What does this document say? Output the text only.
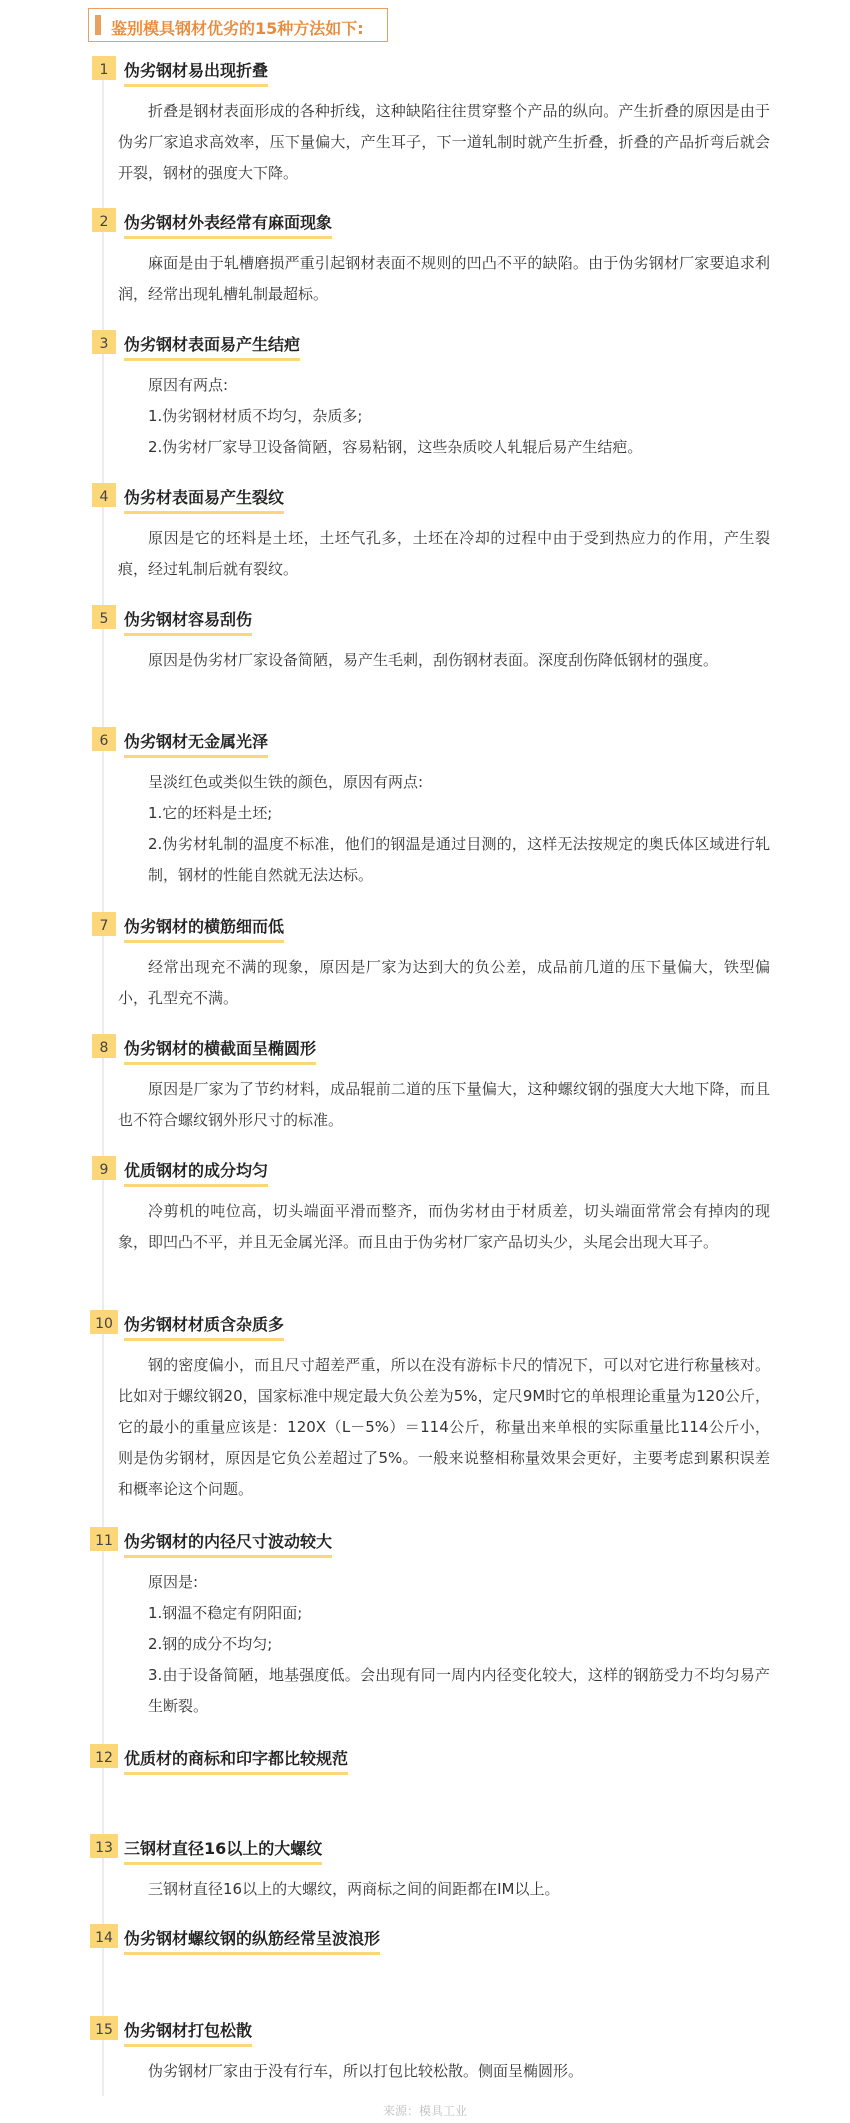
鉴别模具钢材优劣的15种方法如下:
1 伪劣钢材易出现折叠

折叠是钢材表面形成的各种折线，这种缺陷往往贯穿整个产品的纵向。产生折叠的原因是由于伪劣厂家追求高效率，压下量偏大，产生耳子，下一道轧制时就产生折叠，折叠的产品折弯后就会开裂，钢材的强度大下降。

2 伪劣钢材外表经常有麻面现象

麻面是由于轧槽磨损严重引起钢材表面不规则的凹凸不平的缺陷。由于伪劣钢材厂家要追求利润，经常出现轧槽轧制最超标。

3 伪劣钢材表面易产生结疤

原因有两点:

1.伪劣钢材材质不均匀，杂质多;

2.伪劣材厂家导卫设备简陋，容易粘钢，这些杂质咬人轧辊后易产生结疤。

4 伪劣材表面易产生裂纹

原因是它的坯料是土坯，土坯气孔多，土坯在冷却的过程中由于受到热应力的作用，产生裂痕，经过轧制后就有裂纹。

5 伪劣钢材容易刮伤

原因是伪劣材厂家设备简陋，易产生毛刺，刮伤钢材表面。深度刮伤降低钢材的强度。

6 伪劣钢材无金属光泽

呈淡红色或类似生铁的颜色，原因有两点:

1.它的坯料是土坯;

2.伪劣材轧制的温度不标准，他们的钢温是通过目测的，这样无法按规定的奥氏体区域进行轧制，钢材的性能自然就无法达标。

7 伪劣钢材的横筋细而低

经常出现充不满的现象，原因是厂家为达到大的负公差，成品前几道的压下量偏大，铁型偏小，孔型充不满。

8 伪劣钢材的横截面呈椭圆形

原因是厂家为了节约材料，成品辊前二道的压下量偏大，这种螺纹钢的强度大大地下降，而且也不符合螺纹钢外形尺寸的标准。

9 优质钢材的成分均匀

冷剪机的吨位高，切头端面平滑而整齐，而伪劣材由于材质差，切头端面常常会有掉肉的现象，即凹凸不平，并且无金属光泽。而且由于伪劣材厂家产品切头少，头尾会出现大耳子。

10 伪劣钢材材质含杂质多

钢的密度偏小，而且尺寸超差严重，所以在没有游标卡尺的情况下，可以对它进行称量核对。比如对于螺纹钢20，国家标准中规定最大负公差为5%，定尺9M时它的单根理论重量为120公斤，它的最小的重量应该是：120X（L－5%）＝114公斤，称量出来单根的实际重量比114公斤小，则是伪劣钢材，原因是它负公差超过了5%。一般来说整相称量效果会更好，主要考虑到累积误差和概率论这个问题。

11 伪劣钢材的内径尺寸波动较大

原因是:

1.钢温不稳定有阴阳面;

2.钢的成分不均匀;

3.由于设备简陋，地基强度低。会出现有同一周内内径变化较大，这样的钢筋受力不均匀易产生断裂。

12 优质材的商标和印字都比较规范
13 三钢材直径16以上的大螺纹

三钢材直径16以上的大螺纹，两商标之间的间距都在IM以上。

14 伪劣钢材螺纹钢的纵筋经常呈波浪形
15 伪劣钢材打包松散

伪劣钢材厂家由于没有行车，所以打包比较松散。侧面呈椭圆形。

来源：模具工业
